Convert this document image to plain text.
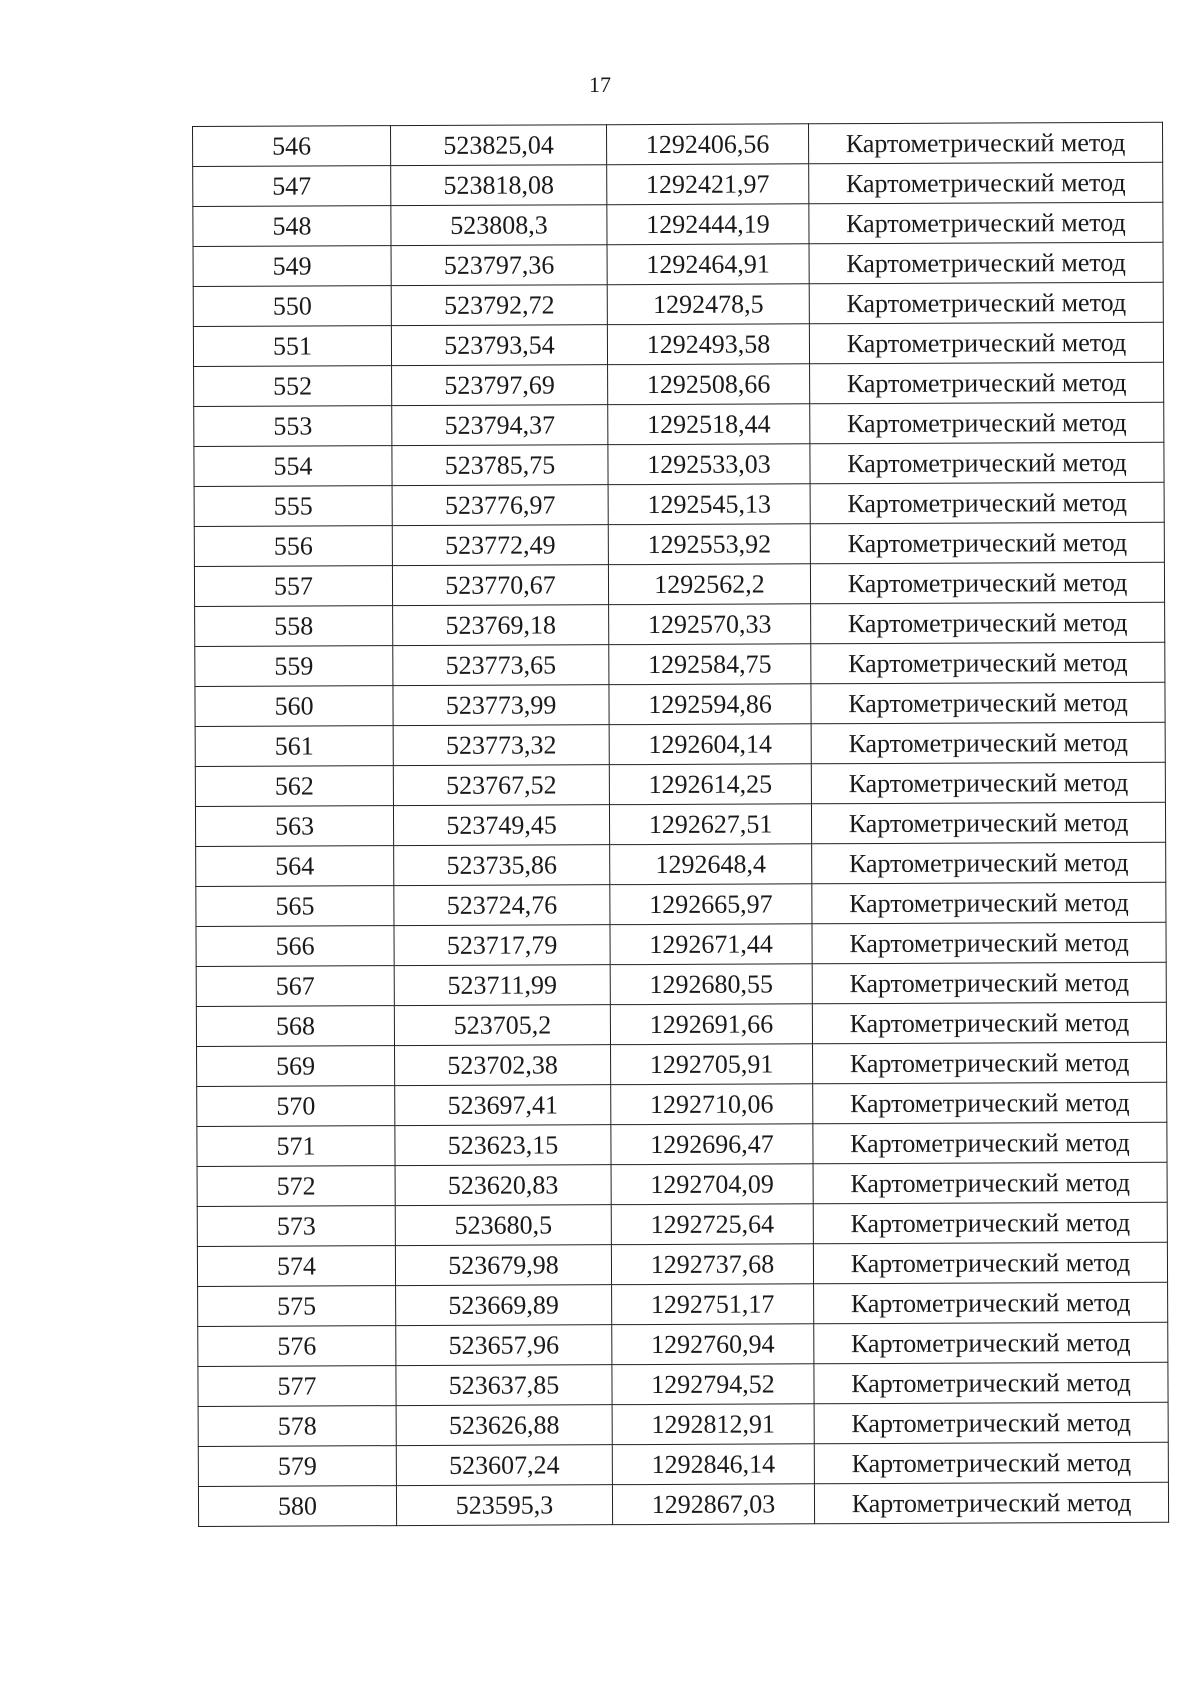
17
546	523825,04	1292406,56	Картометрический метод
547	523818,08	1292421,97	Картометрический метод
548	523808,3	1292444,19	Картометрический метод
549	523797,36	1292464,91	Картометрический метод
550	523792,72	1292478,5	Картометрический метод
551	523793,54	1292493,58	Картометрический метод
552	523797,69	1292508,66	Картометрический метод
553	523794,37	1292518,44	Картометрический метод
554	523785,75	1292533,03	Картометрический метод
555	523776,97	1292545,13	Картометрический метод
556	523772,49	1292553,92	Картометрический метод
557	523770,67	1292562,2	Картометрический метод
558	523769,18	1292570,33	Картометрический метод
559	523773,65	1292584,75	Картометрический метод
560	523773,99	1292594,86	Картометрический метод
561	523773,32	1292604,14	Картометрический метод
562	523767,52	1292614,25	Картометрический метод
563	523749,45	1292627,51	Картометрический метод
564	523735,86	1292648,4	Картометрический метод
565	523724,76	1292665,97	Картометрический метод
566	523717,79	1292671,44	Картометрический метод
567	523711,99	1292680,55	Картометрический метод
568	523705,2	1292691,66	Картометрический метод
569	523702,38	1292705,91	Картометрический метод
570	523697,41	1292710,06	Картометрический метод
571	523623,15	1292696,47	Картометрический метод
572	523620,83	1292704,09	Картометрический метод
573	523680,5	1292725,64	Картометрический метод
574	523679,98	1292737,68	Картометрический метод
575	523669,89	1292751,17	Картометрический метод
576	523657,96	1292760,94	Картометрический метод
577	523637,85	1292794,52	Картометрический метод
578	523626,88	1292812,91	Картометрический метод
579	523607,24	1292846,14	Картометрический метод
580	523595,3	1292867,03	Картометрический метод
